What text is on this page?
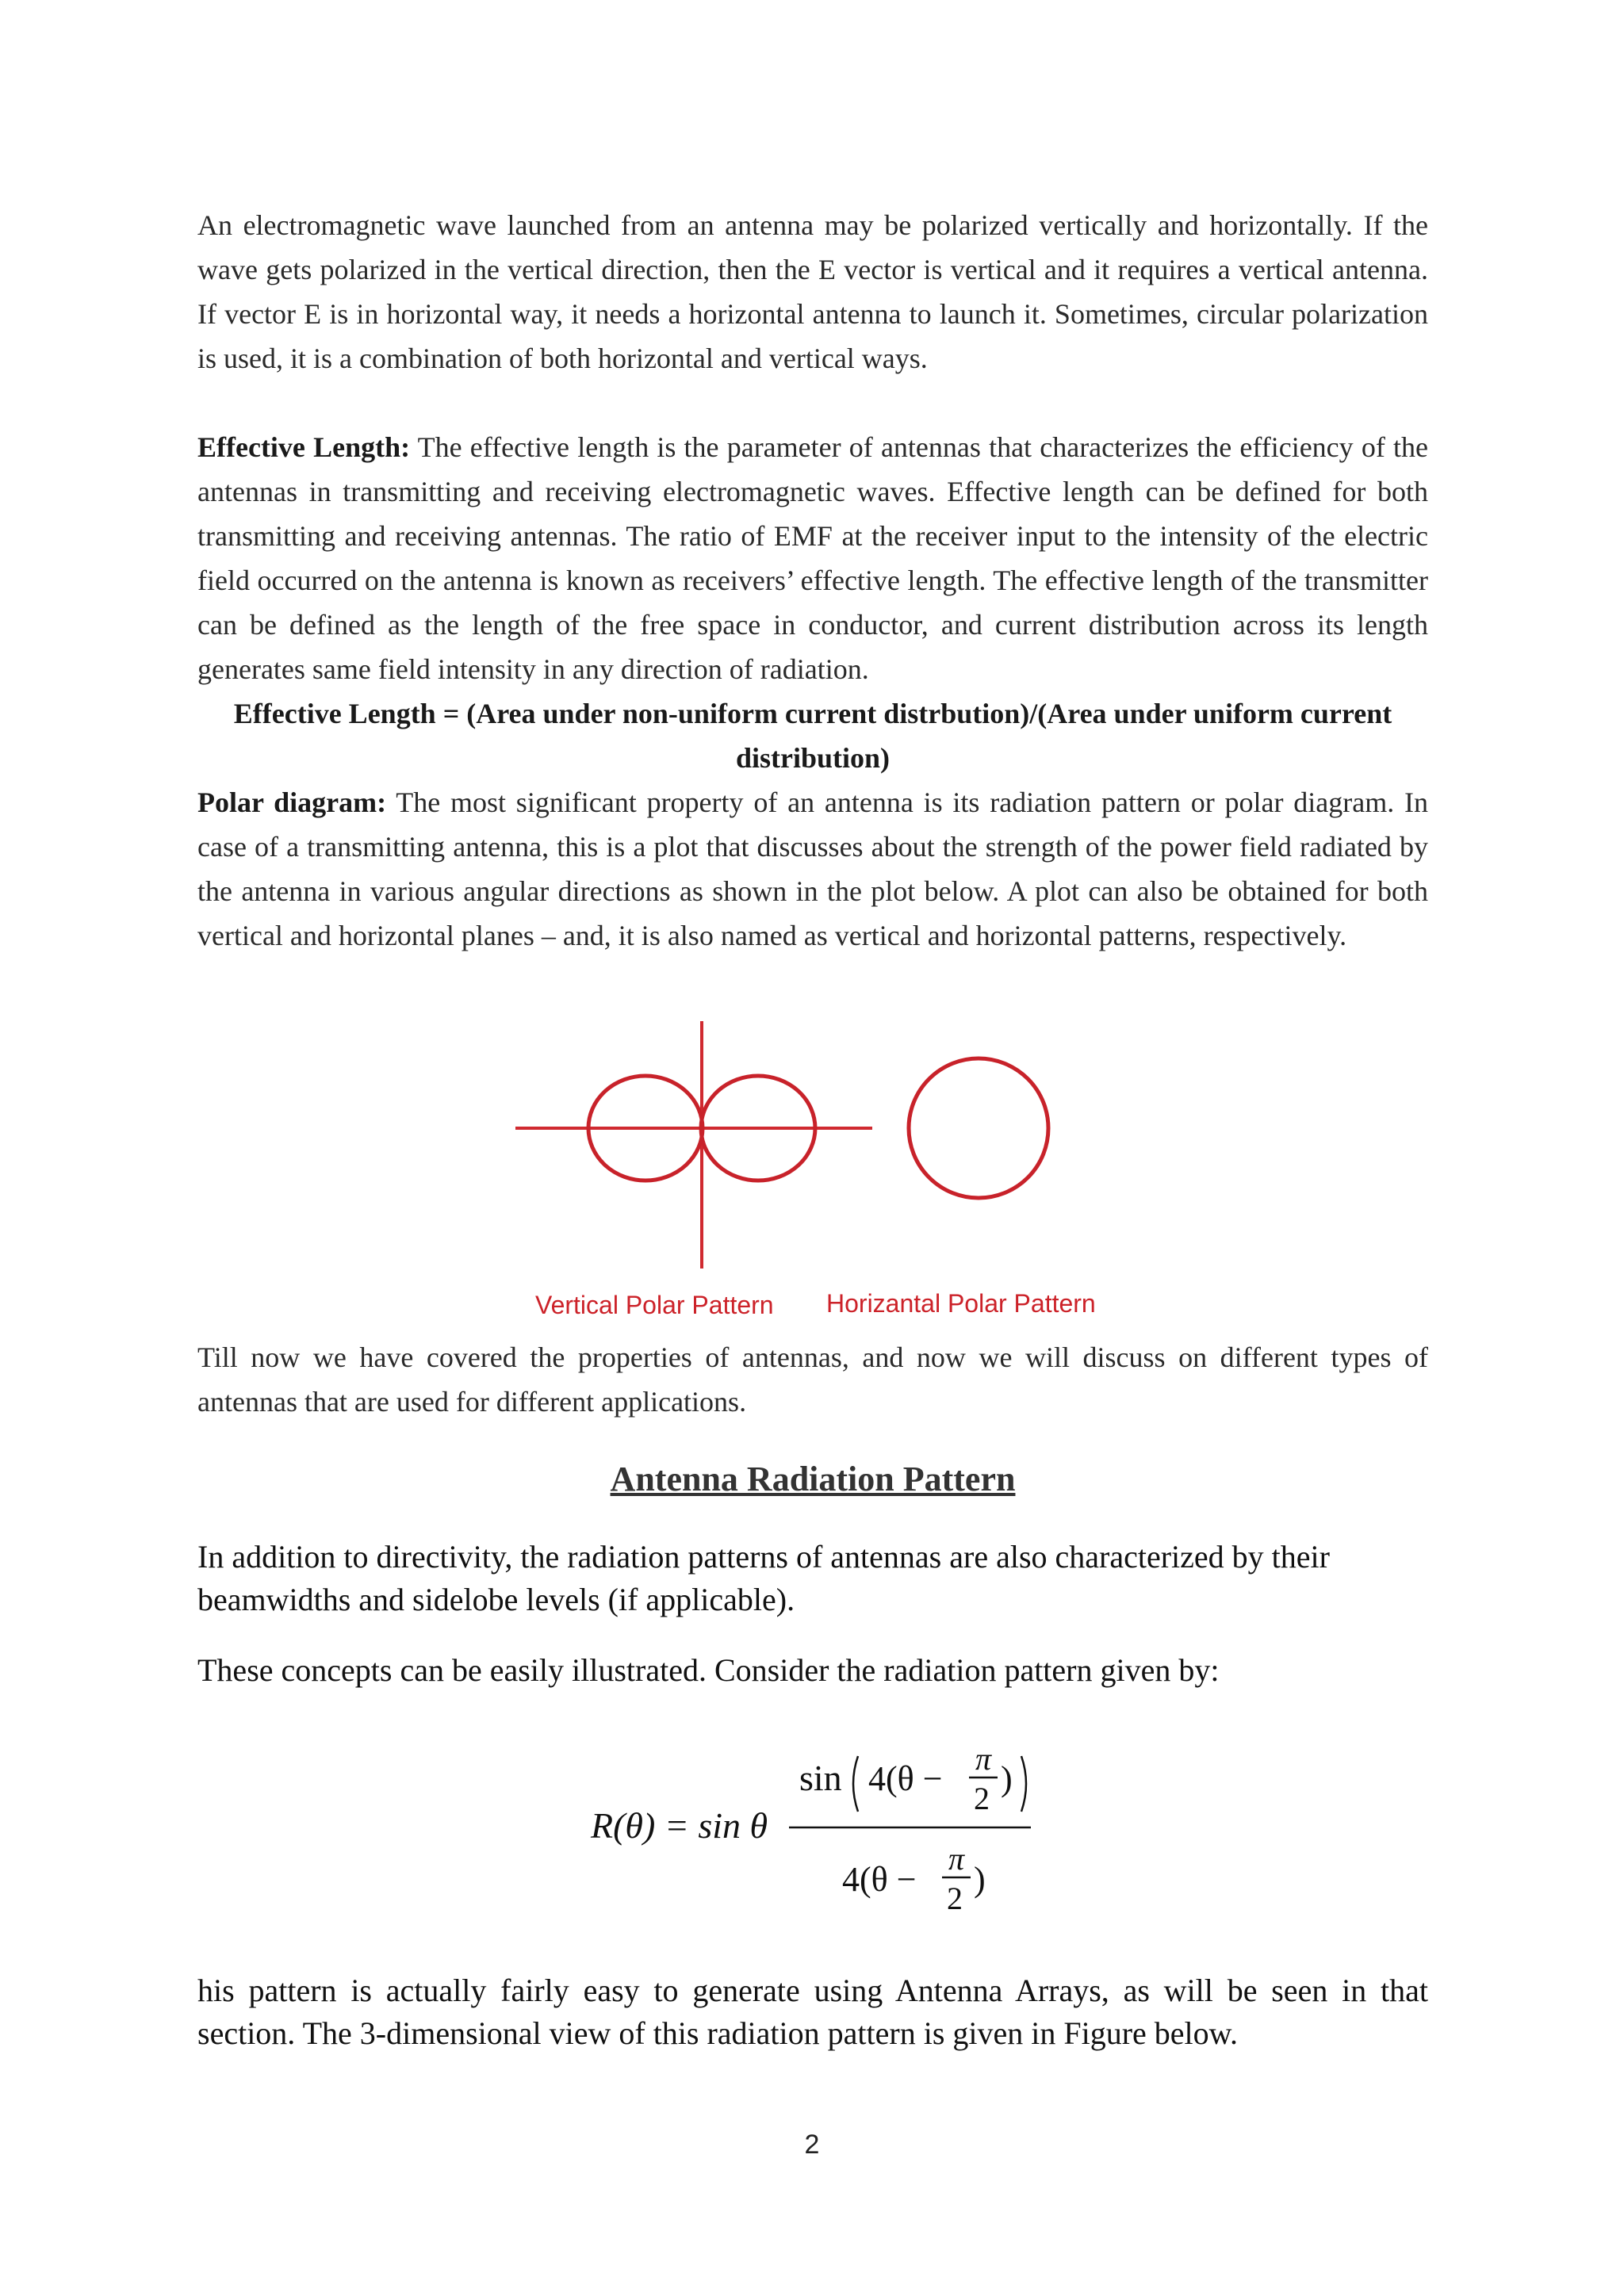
An electromagnetic wave launched from an antenna may be polarized vertically and horizontally. If the wave gets polarized in the vertical direction, then the E vector is vertical and it requires a vertical antenna. If vector E is in horizontal way, it needs a horizontal antenna to launch it. Sometimes, circular polarization is used, it is a combination of both horizontal and vertical ways.

Effective Length: The effective length is the parameter of antennas that characterizes the efficiency of the antennas in transmitting and receiving electromagnetic waves. Effective length can be defined for both transmitting and receiving antennas. The ratio of EMF at the receiver input to the intensity of the electric field occurred on the antenna is known as receivers’ effective length. The effective length of the transmitter can be defined as the length of the free space in conductor, and current distribution across its length generates same field intensity in any direction of radiation.

Effective Length = (Area under non-uniform current distrbution)/(Area under uniform current distribution)

Polar diagram: The most significant property of an antenna is its radiation pattern or polar diagram. In case of a transmitting antenna, this is a plot that discusses about the strength of the power field radiated by the antenna in various angular directions as shown in the plot below. A plot can also be obtained for both vertical and horizontal planes – and, it is also named as vertical and horizontal patterns, respectively.

Vertical Polar Pattern Horizantal Polar Pattern

Till now we have covered the properties of antennas, and now we will discuss on different types of antennas that are used for different applications.

Antenna Radiation Pattern

In addition to directivity, the radiation patterns of antennas are also characterized by their beamwidths and sidelobe levels (if applicable).

These concepts can be easily illustrated. Consider the radiation pattern given by:

R(θ) = sin θ
sin 4(θ −
π
2
)
4(θ −
π
2 )

his pattern is actually fairly easy to generate using Antenna Arrays, as will be seen in that section. The 3-dimensional view of this radiation pattern is given in Figure below.

2
